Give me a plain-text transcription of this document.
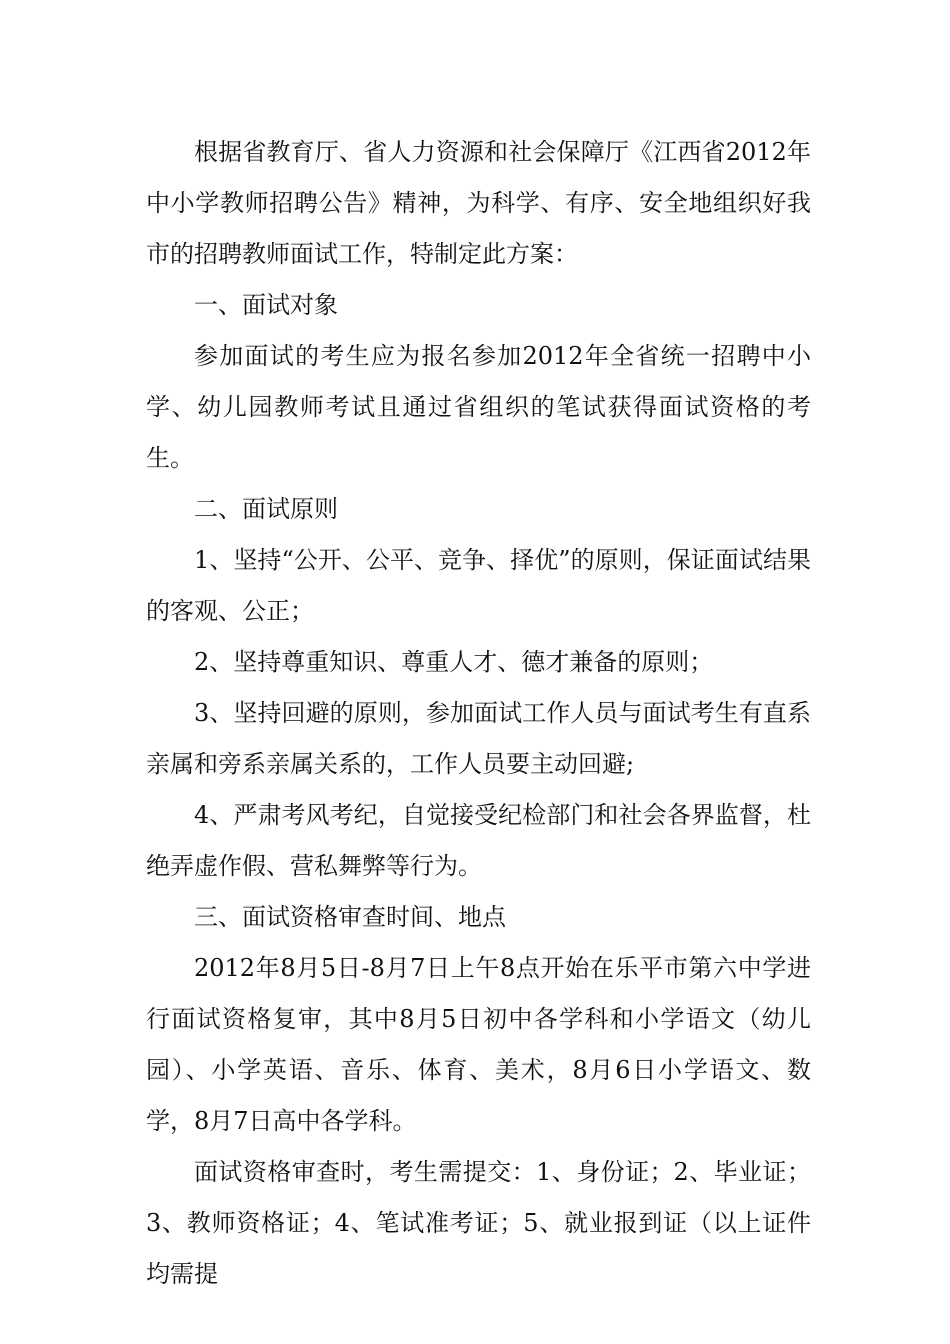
根据省教育厅、省人力资源和社会保障厅《江西省2012年中小学教师招聘公告》精神，为科学、有序、安全地组织好我市的招聘教师面试工作，特制定此方案：

一、面试对象

参加面试的考生应为报名参加2012年全省统一招聘中小学、幼儿园教师考试且通过省组织的笔试获得面试资格的考生。

二、面试原则

1、坚持“公开、公平、竞争、择优”的原则，保证面试结果的客观、公正；

2、坚持尊重知识、尊重人才、德才兼备的原则；

3、坚持回避的原则，参加面试工作人员与面试考生有直系亲属和旁系亲属关系的，工作人员要主动回避;

4、严肃考风考纪，自觉接受纪检部门和社会各界监督，杜绝弄虚作假、营私舞弊等行为。

三、面试资格审查时间、地点

2012年8月5日-8月7日上午8点开始在乐平市第六中学进行面试资格复审，其中8月5日初中各学科和小学语文（幼儿园）、小学英语、音乐、体育、美术，8月6日小学语文、数学，8月7日高中各学科。

面试资格审查时，考生需提交：1、身份证；2、毕业证；3、教师资格证；4、笔试准考证；5、就业报到证（以上证件均需提
